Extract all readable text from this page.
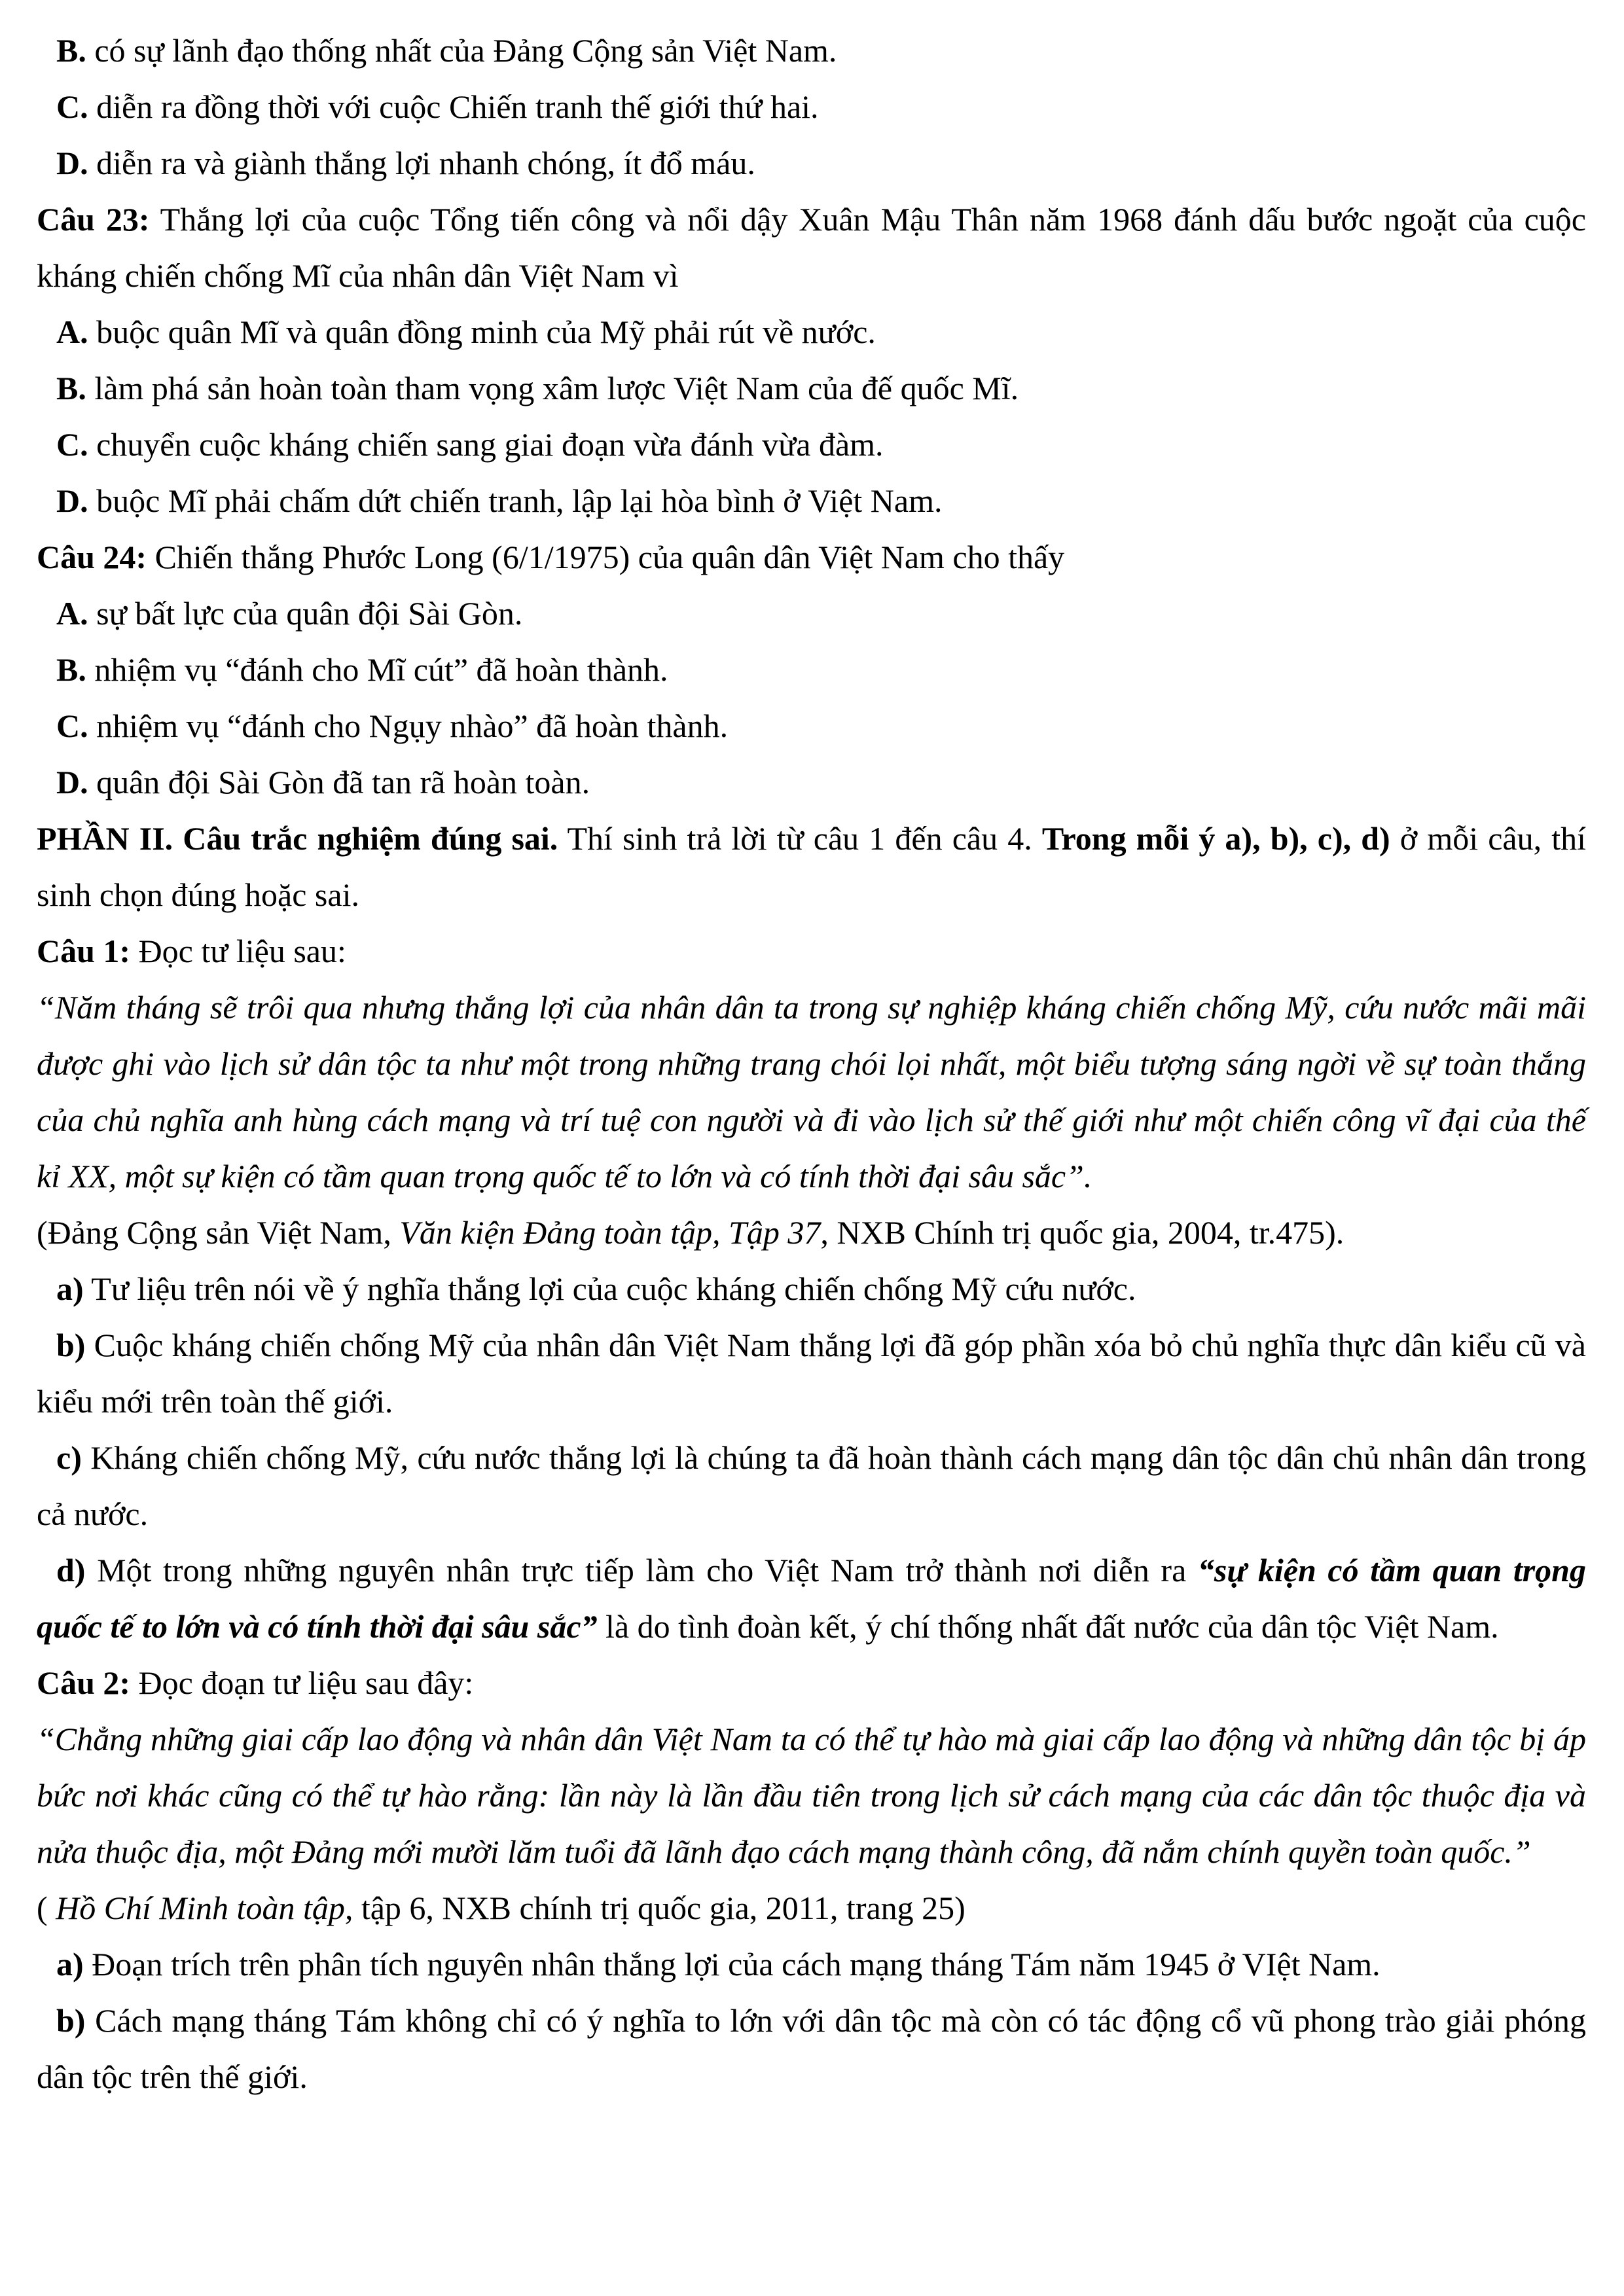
B. có sự lãnh đạo thống nhất của Đảng Cộng sản Việt Nam.

C. diễn ra đồng thời với cuộc Chiến tranh thế giới thứ hai.

D. diễn ra và giành thắng lợi nhanh chóng, ít đổ máu.

Câu 23: Thắng lợi của cuộc Tổng tiến công và nổi dậy Xuân Mậu Thân năm 1968 đánh dấu bước ngoặt của cuộc kháng chiến chống Mĩ của nhân dân Việt Nam vì

A. buộc quân Mĩ và quân đồng minh của Mỹ phải rút về nước.

B. làm phá sản hoàn toàn tham vọng xâm lược Việt Nam của đế quốc Mĩ.

C. chuyển cuộc kháng chiến sang giai đoạn vừa đánh vừa đàm.

D. buộc Mĩ phải chấm dứt chiến tranh, lập lại hòa bình ở Việt Nam.

Câu 24: Chiến thắng Phước Long (6/1/1975) của quân dân Việt Nam cho thấy

A. sự bất lực của quân đội Sài Gòn.

B. nhiệm vụ “đánh cho Mĩ cút” đã hoàn thành.

C. nhiệm vụ “đánh cho Ngụy nhào” đã hoàn thành.

D. quân đội Sài Gòn đã tan rã hoàn toàn.

PHẦN II. Câu trắc nghiệm đúng sai. Thí sinh trả lời từ câu 1 đến câu 4. Trong mỗi ý a), b), c), d) ở mỗi câu, thí sinh chọn đúng hoặc sai.

Câu 1: Đọc tư liệu sau:

“Năm tháng sẽ trôi qua nhưng thắng lợi của nhân dân ta trong sự nghiệp kháng chiến chống Mỹ, cứu nước mãi mãi được ghi vào lịch sử dân tộc ta như một trong những trang chói lọi nhất, một biểu tượng sáng ngời về sự toàn thắng của chủ nghĩa anh hùng cách mạng và trí tuệ con người và đi vào lịch sử thế giới như một chiến công vĩ đại của thế kỉ XX, một sự kiện có tầm quan trọng quốc tế to lớn và có tính thời đại sâu sắc”.

(Đảng Cộng sản Việt Nam, Văn kiện Đảng toàn tập, Tập 37, NXB Chính trị quốc gia, 2004, tr.475).

a) Tư liệu trên nói về ý nghĩa thắng lợi của cuộc kháng chiến chống Mỹ cứu nước.

b) Cuộc kháng chiến chống Mỹ của nhân dân Việt Nam thắng lợi đã góp phần xóa bỏ chủ nghĩa thực dân kiểu cũ và kiểu mới trên toàn thế giới.

c) Kháng chiến chống Mỹ, cứu nước thắng lợi là chúng ta đã hoàn thành cách mạng dân tộc dân chủ nhân dân trong cả nước.

d) Một trong những nguyên nhân trực tiếp làm cho Việt Nam trở thành nơi diễn ra “sự kiện có tầm quan trọng quốc tế to lớn và có tính thời đại sâu sắc” là do tình đoàn kết, ý chí thống nhất đất nước của dân tộc Việt Nam.

Câu 2: Đọc đoạn tư liệu sau đây:

“Chẳng những giai cấp lao động và nhân dân Việt Nam ta có thể tự hào mà giai cấp lao động và những dân tộc bị áp bức nơi khác cũng có thể tự hào rằng: lần này là lần đầu tiên trong lịch sử cách mạng của các dân tộc thuộc địa và nửa thuộc địa, một Đảng mới mười lăm tuổi đã lãnh đạo cách mạng thành công, đã nắm chính quyền toàn quốc.”

( Hồ Chí Minh toàn tập, tập 6, NXB chính trị quốc gia, 2011, trang 25)

a) Đoạn trích trên phân tích nguyên nhân thắng lợi của cách mạng tháng Tám năm 1945 ở VIệt Nam.

b) Cách mạng tháng Tám không chỉ có ý nghĩa to lớn với dân tộc mà còn có tác động cổ vũ phong trào giải phóng dân tộc trên thế giới.
